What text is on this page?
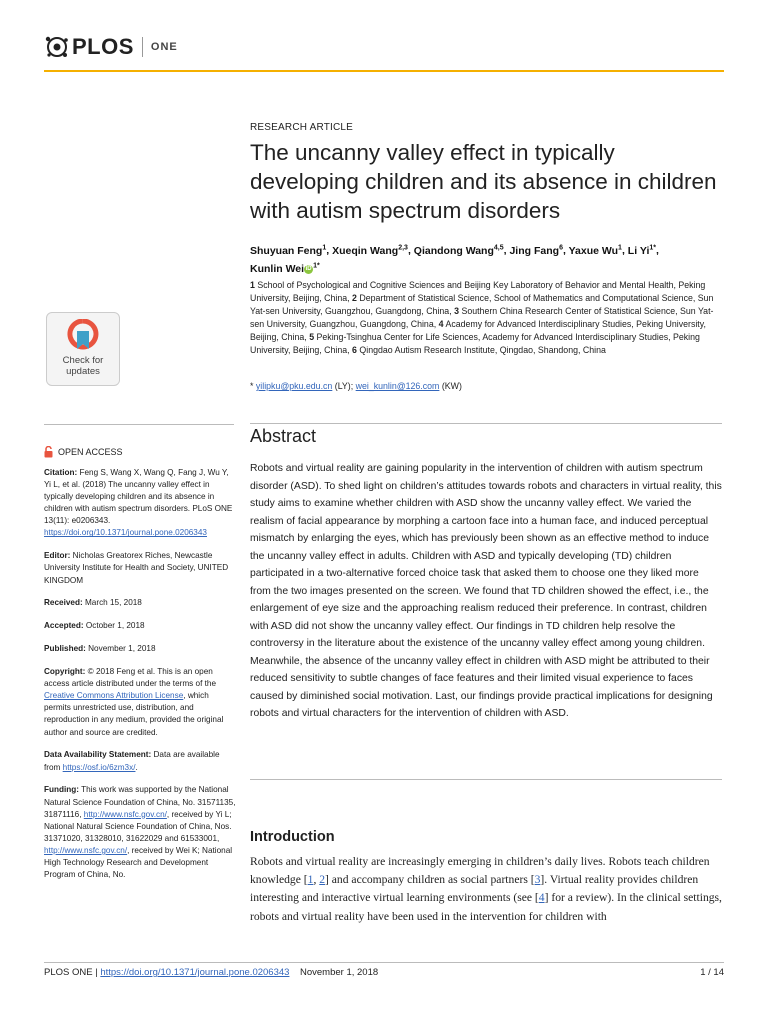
PLOS ONE
RESEARCH ARTICLE
The uncanny valley effect in typically developing children and its absence in children with autism spectrum disorders
Shuyuan Feng$^1$, Xueqin Wang$^{2,3}$, Qiandong Wang$^{4,5}$, Jing Fang$^6$, Yaxue Wu$^1$, Li $Yi^{1*}$,
Kunlin Wei iD $^{1*}$
1 School of Psychological and Cognitive Sciences and Beijing Key Laboratory of Behavior and Mental Health, Peking University, Beijing, China, 2 Department of Statistical Science, School of Mathematics and Computational Science, Sun Yat-sen University, Guangzhou, Guangdong, China, 3 Southern China Research Center of Statistical Science, Sun Yat-sen University, Guangzhou, Guangdong, China, 4 Academy for Advanced Interdisciplinary Studies, Peking University, Beijing, China, 5 Peking-Tsinghua Center for Life Sciences, Academy for Advanced Interdisciplinary Studies, Peking University, Beijing, China, 6 Qingdao Autism Research Institute, Qingdao, Shandong, China
* yilipku@pku.edu.cn (LY); wei_kunlin@126.com (KW)
Check for
updates
OPEN ACCESS

Citation: Feng S, Wang X, Wang Q, Fang J, Wu Y, Yi L, et al. (2018) The uncanny valley effect in typically developing children and its absence in children with autism spectrum disorders. PLoS ONE 13(11): e0206343. https://doi.org/10.1371/journal.pone.0206343

Editor: Nicholas Greatorex Riches, Newcastle University Institute for Health and Society, UNITED KINGDOM

Received: March 15, 2018

Accepted: October 1, 2018

Published: November 1, 2018

Copyright: © 2018 Feng et al. This is an open access article distributed under the terms of the Creative Commons Attribution License, which permits unrestricted use, distribution, and reproduction in any medium, provided the original author and source are credited.

Data Availability Statement: Data are available from https://osf.io/6zm3x/.

Funding: This work was supported by the National Natural Science Foundation of China, No. 31571135, 31871116, http://www.nsfc.gov.cn/, received by Yi L; National Natural Science Foundation of China, Nos. 31371020, 31328010, 31622029 and 61533001, http://www.nsfc.gov.cn/, received by Wei K; National High Technology Research and Development Program of China, No.

Abstract
Robots and virtual reality are gaining popularity in the intervention of children with autism spectrum disorder (ASD). To shed light on children’s attitudes towards robots and characters in virtual reality, this study aims to examine whether children with ASD show the uncanny valley effect. We varied the realism of facial appearance by morphing a cartoon face into a human face, and induced perceptual mismatch by enlarging the eyes, which has previously been shown as an effective method to induce the uncanny valley effect in adults. Children with ASD and typically developing (TD) children participated in a two-alternative forced choice task that asked them to choose one they liked more from the two images presented on the screen. We found that TD children showed the effect, i.e., the enlargement of eye size and the approaching realism reduced their preference. In contrast, children with ASD did not show the uncanny valley effect. Our findings in TD children help resolve the controversy in the literature about the existence of the uncanny valley effect among young children. Meanwhile, the absence of the uncanny valley effect in children with ASD might be attributed to their reduced sensitivity to subtle changes of face features and their limited visual experience to faces caused by diminished social motivation. Last, our findings provide practical implications for designing robots and virtual characters for the intervention of children with ASD.
Introduction
Robots and virtual reality are increasingly emerging in children’s daily lives. Robots teach children knowledge [1, 2] and accompany children as social partners [3]. Virtual reality provides children interesting and interactive virtual learning environments (see [4] for a review). In the clinical settings, robots and virtual reality have been used in the intervention for children with
PLOS ONE | https://doi.org/10.1371/journal.pone.0206343 November 1, 2018	1 / 14
